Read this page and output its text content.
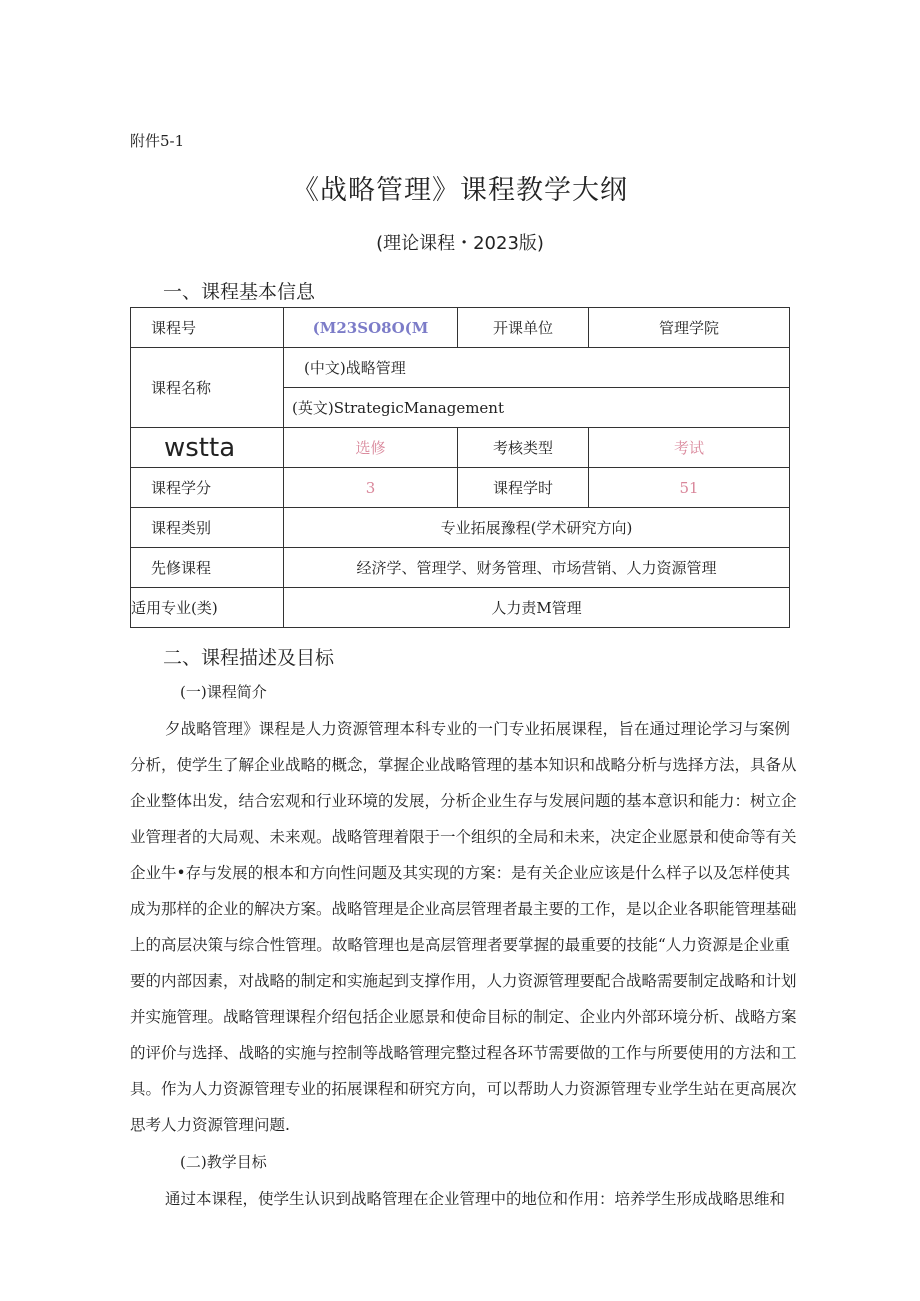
附件5-1
《战略管理》课程教学大纲
(理论课程・2023版)
一、课程基本信息
课程号	(M23SO8O(M	开课单位	管理学院
课程名称	(中文)战略管理		
	(英文)StrategicManagement		
wstta	选修	考核类型	考试
课程学分	3	课程学时	51
课程类别	专业拓展豫程(学术研究方向)		
先修课程	经济学、管理学、财务管理、市场营销、人力资源管理		
适用专业(类)	人力责M管理		
二、课程描述及目标
(一)课程简介
夕战略管理》课程是人力资源管理本科专业的一门专业拓展课程，旨在通过理论学习与案例
分析，使学生了解企业战略的概念，掌握企业战略管理的基本知识和战略分析与选择方法，具备从
企业整体出发，结合宏观和行业环境的发展，分析企业生存与发展问题的基本意识和能力：树立企
业管理者的大局观、未来观。战略管理着限于一个组织的全局和未来，决定企业愿景和使命等有关
企业牛•存与发展的根本和方向性问题及其实现的方案：是有关企业应该是什么样子以及怎样使其
成为那样的企业的解决方案。战略管理是企业高层管理者最主要的工作，是以企业各职能管理基础
上的高层决策与综合性管理。故略管理也是高层管理者要掌握的最重要的技能“人力资源是企业重
要的内部因素，对战略的制定和实施起到支撑作用，人力资源管理要配合战略需要制定战略和计划
并实施管理。战略管理课程介绍包括企业愿景和使命目标的制定、企业内外部环境分析、战略方案
的评价与选择、战略的实施与控制等战略管理完整过程各环节需要做的工作与所要使用的方法和工
具。作为人力资源管理专业的拓展课程和研究方向，可以帮助人力资源管理专业学生站在更高展次
思考人力资源管理问题.
(二)教学目标
通过本课程，使学生认识到战略管理在企业管理中的地位和作用：培养学生形成战略思维和
